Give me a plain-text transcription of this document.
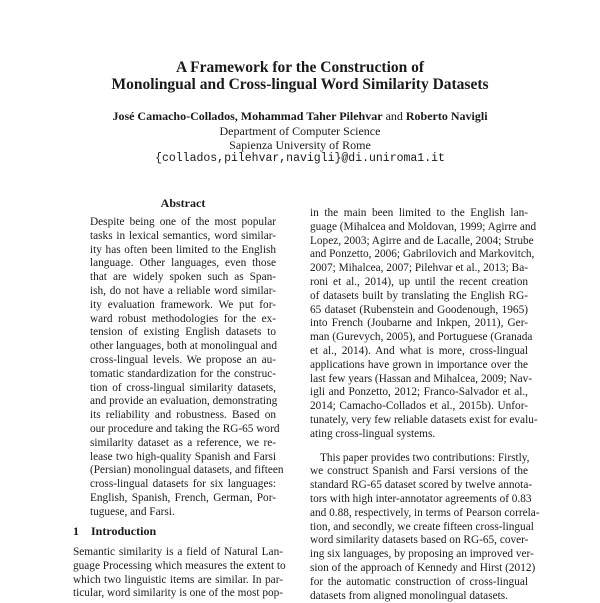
A Framework for the Construction of
Monolingual and Cross-lingual Word Similarity Datasets
José Camacho-Collados, Mohammad Taher Pilehvar and Roberto Navigli
Department of Computer Science
Sapienza University of Rome
{collados,pilehvar,navigli}@di.uniroma1.it
Abstract
Despite being one of the most popular
tasks in lexical semantics, word similar-
ity has often been limited to the English
language. Other languages, even those
that are widely spoken such as Span-
ish, do not have a reliable word similar-
ity evaluation framework. We put for-
ward robust methodologies for the ex-
tension of existing English datasets to
other languages, both at monolingual and
cross-lingual levels. We propose an au-
tomatic standardization for the construc-
tion of cross-lingual similarity datasets,
and provide an evaluation, demonstrating
its reliability and robustness. Based on
our procedure and taking the RG-65 word
similarity dataset as a reference, we re-
lease two high-quality Spanish and Farsi
(Persian) monolingual datasets, and fifteen
cross-lingual datasets for six languages:
English, Spanish, French, German, Por-
tuguese, and Farsi.
1 Introduction
Semantic similarity is a field of Natural Lan-
guage Processing which measures the extent to
which two linguistic items are similar. In par-
ticular, word similarity is one of the most pop-
in the main been limited to the English lan-
guage (Mihalcea and Moldovan, 1999; Agirre and
Lopez, 2003; Agirre and de Lacalle, 2004; Strube
and Ponzetto, 2006; Gabrilovich and Markovitch,
2007; Mihalcea, 2007; Pilehvar et al., 2013; Ba-
roni et al., 2014), up until the recent creation
of datasets built by translating the English RG-
65 dataset (Rubenstein and Goodenough, 1965)
into French (Joubarne and Inkpen, 2011), Ger-
man (Gurevych, 2005), and Portuguese (Granada
et al., 2014). And what is more, cross-lingual
applications have grown in importance over the
last few years (Hassan and Mihalcea, 2009; Nav-
igli and Ponzetto, 2012; Franco-Salvador et al.,
2014; Camacho-Collados et al., 2015b). Unfor-
tunately, very few reliable datasets exist for evalu-
ating cross-lingual systems.
This paper provides two contributions: Firstly,
we construct Spanish and Farsi versions of the
standard RG-65 dataset scored by twelve annota-
tors with high inter-annotator agreements of 0.83
and 0.88, respectively, in terms of Pearson correla-
tion, and secondly, we create fifteen cross-lingual
word similarity datasets based on RG-65, cover-
ing six languages, by proposing an improved ver-
sion of the approach of Kennedy and Hirst (2012)
for the automatic construction of cross-lingual
datasets from aligned monolingual datasets.
